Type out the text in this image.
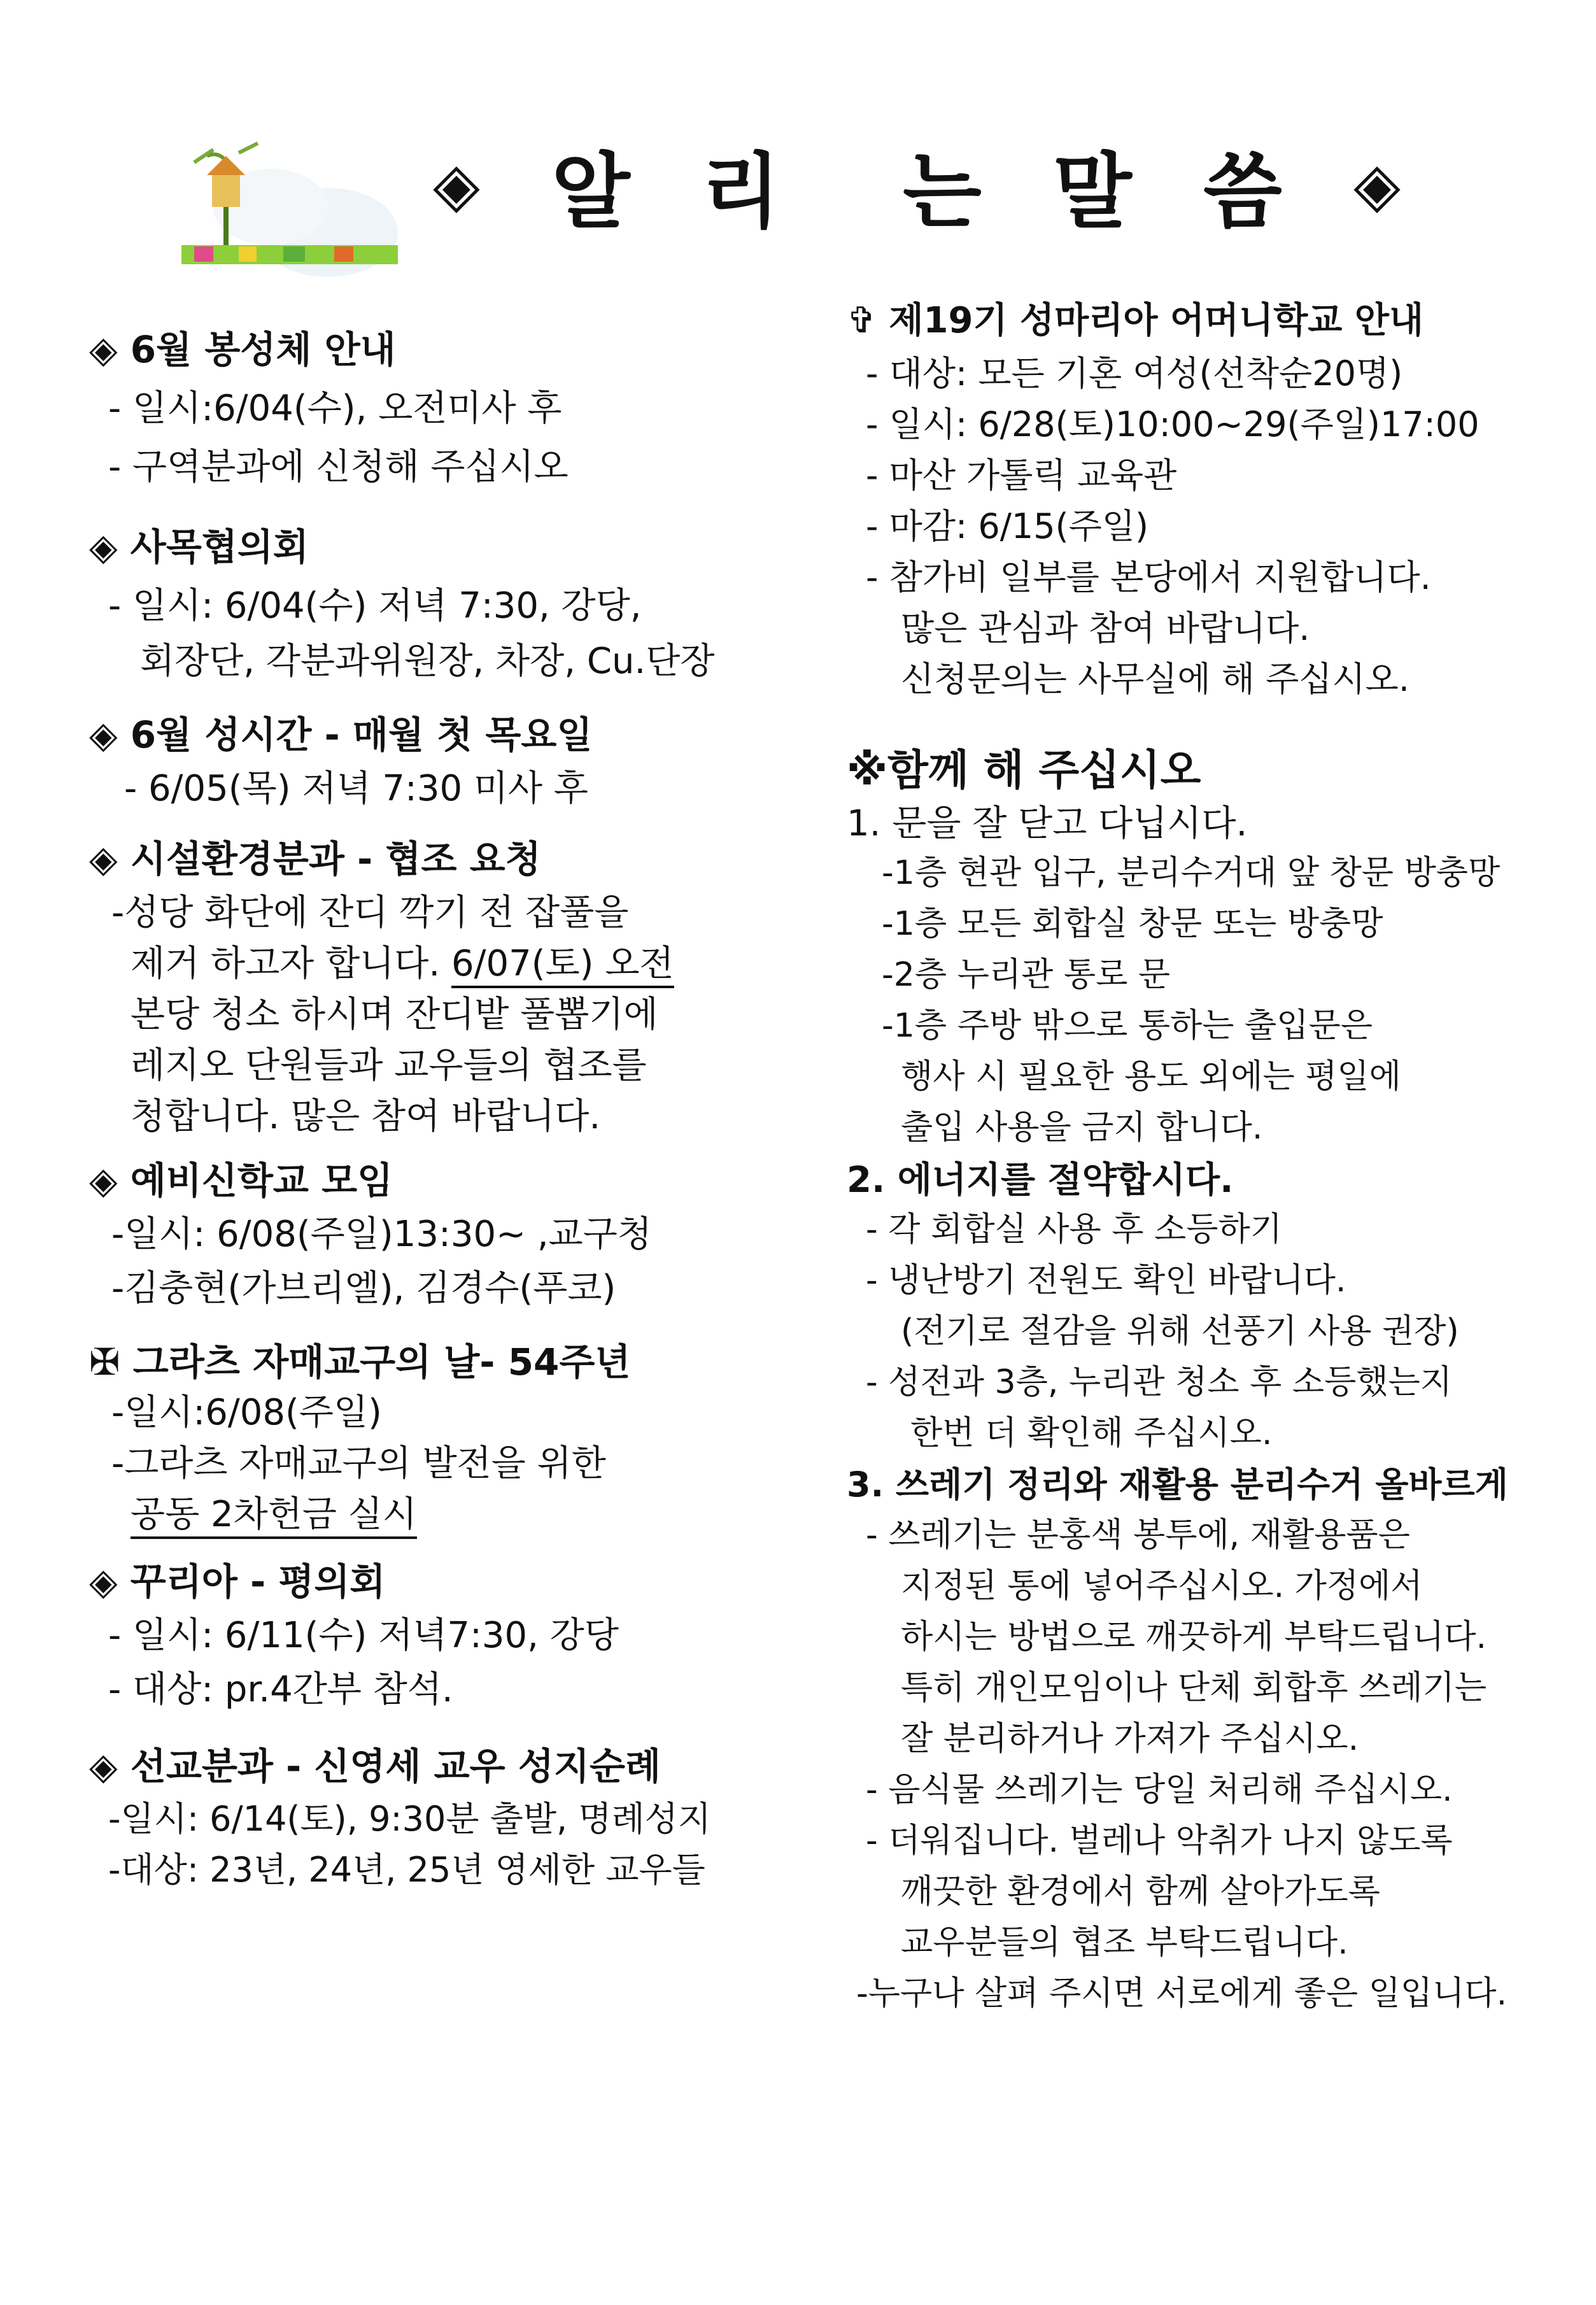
◈ 알 리 는 말 씀 ◈
◈ 6월 봉성체 안내
- 일시:6/04(수), 오전미사 후
- 구역분과에 신청해 주십시오
◈ 사목협의회
- 일시: 6/04(수) 저녁 7:30, 강당,
회장단, 각분과위원장, 차장, Cu.단장
◈ 6월 성시간 - 매월 첫 목요일
- 6/05(목) 저녁 7:30 미사 후
◈ 시설환경분과 - 협조 요청
-성당 화단에 잔디 깍기 전 잡풀을
제거 하고자 합니다. 6/07(토) 오전
본당 청소 하시며 잔디밭 풀뽑기에
레지오 단원들과 교우들의 협조를
청합니다. 많은 참여 바랍니다.
◈ 예비신학교 모임
-일시: 6/08(주일)13:30~ ,교구청
-김충현(가브리엘), 김경수(푸코)
✠ 그라츠 자매교구의 날- 54주년
-일시:6/08(주일)
-그라츠 자매교구의 발전을 위한
공동 2차헌금 실시
◈ 꾸리아 - 평의회
- 일시: 6/11(수) 저녁7:30, 강당
- 대상: pr.4간부 참석.
◈ 선교분과 - 신영세 교우 성지순례
-일시: 6/14(토), 9:30분 출발, 명례성지
-대상: 23년, 24년, 25년 영세한 교우들
✞ 제19기 성마리아 어머니학교 안내
- 대상: 모든 기혼 여성(선착순20명)
- 일시: 6/28(토)10:00~29(주일)17:00
- 마산 가톨릭 교육관
- 마감: 6/15(주일)
- 참가비 일부를 본당에서 지원합니다.
많은 관심과 참여 바랍니다.
신청문의는 사무실에 해 주십시오.
※함께 해 주십시오
1. 문을 잘 닫고 다닙시다.
-1층 현관 입구, 분리수거대 앞 창문 방충망
-1층 모든 회합실 창문 또는 방충망
-2층 누리관 통로 문
-1층 주방 밖으로 통하는 출입문은
행사 시 필요한 용도 외에는 평일에
출입 사용을 금지 합니다.
2. 에너지를 절약합시다.
- 각 회합실 사용 후 소등하기
- 냉난방기 전원도 확인 바랍니다.
(전기로 절감을 위해 선풍기 사용 권장)
- 성전과 3층, 누리관 청소 후 소등했는지
한번 더 확인해 주십시오.
3. 쓰레기 정리와 재활용 분리수거 올바르게
- 쓰레기는 분홍색 봉투에, 재활용품은
지정된 통에 넣어주십시오. 가정에서
하시는 방법으로 깨끗하게 부탁드립니다.
특히 개인모임이나 단체 회합후 쓰레기는
잘 분리하거나 가져가 주십시오.
- 음식물 쓰레기는 당일 처리해 주십시오.
- 더워집니다. 벌레나 악취가 나지 않도록
깨끗한 환경에서 함께 살아가도록
교우분들의 협조 부탁드립니다.
-누구나 살펴 주시면 서로에게 좋은 일입니다.
